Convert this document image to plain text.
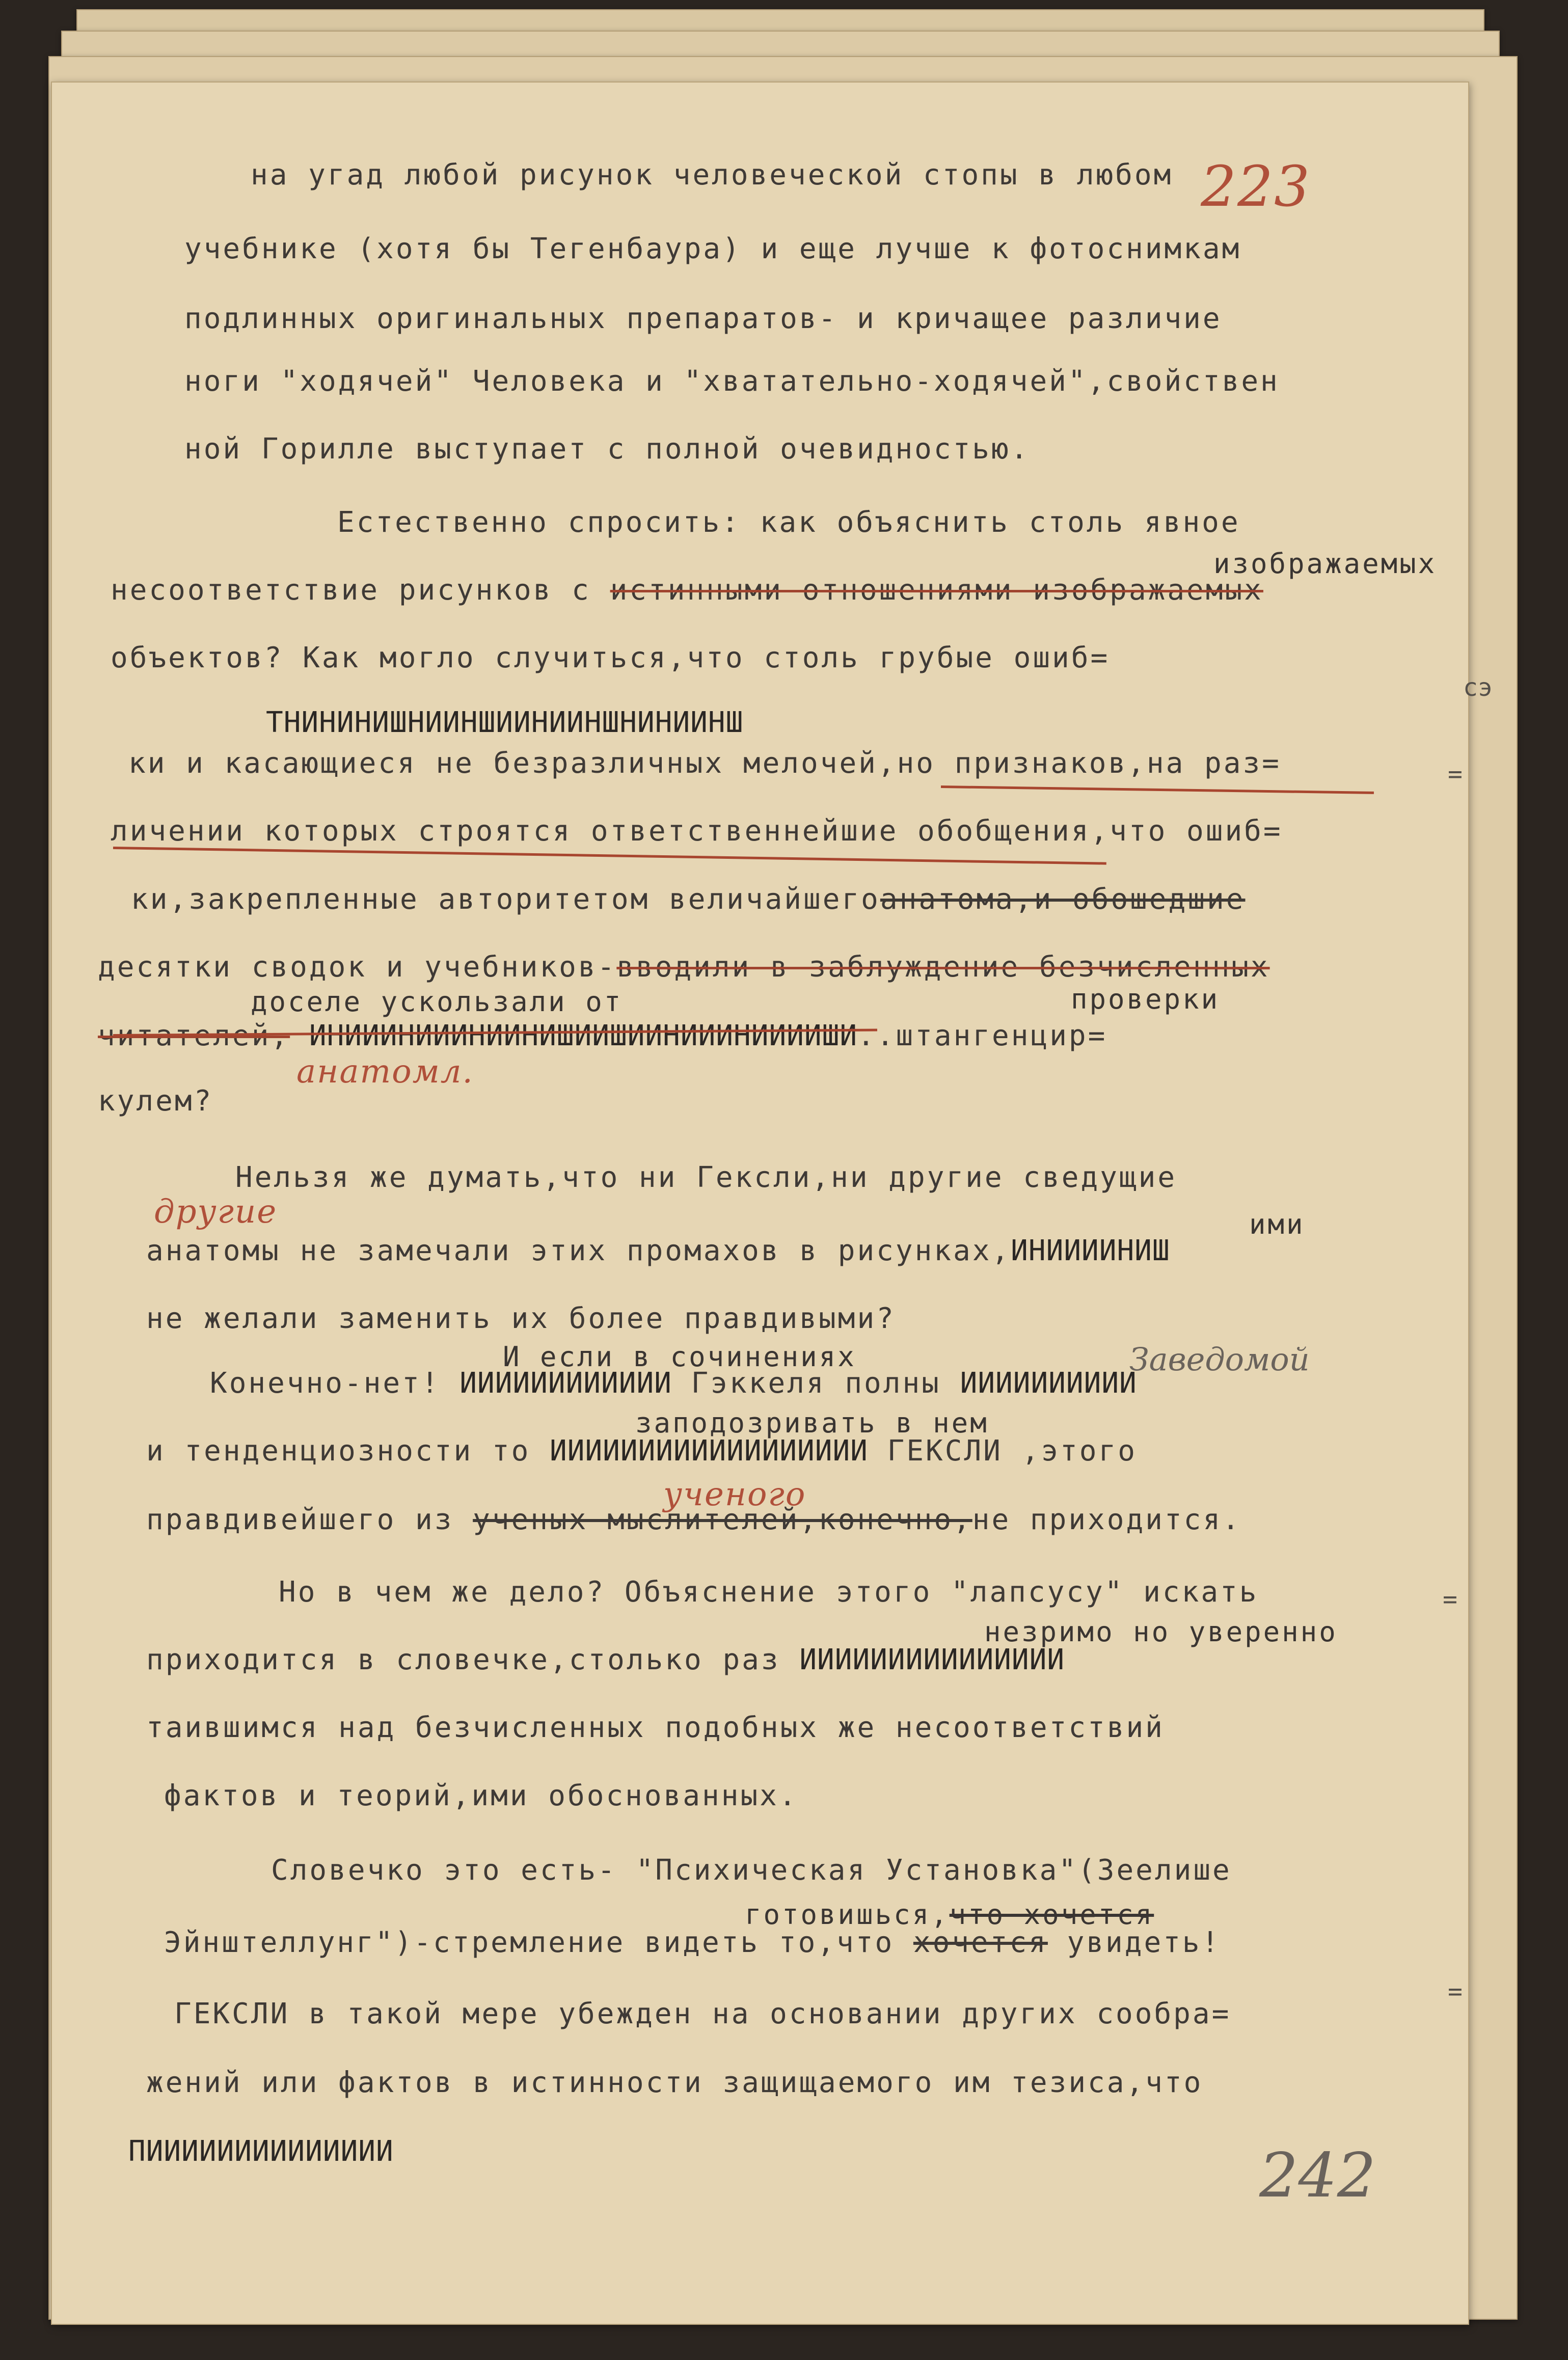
223
242
на угад любой рисунок человеческой стопы в любом
учебнике (хотя бы Тегенбаура) и еще лучше к фотоснимкам
подлинных оригинальных препаратов- и кричащее различие
ноги "ходячей" Человека и "хватательно-ходячей",свойствен
ной Горилле выступает с полной очевидностью.
Естественно спросить: как объяснить столь явное
изображаемых
несоответствие рисунков с истинными отношениями изображаемых
объектов? Как могло случиться,что столь грубые ошиб=
ТНИНИНИШНИИНШИИНИИНШНИНИИНШ
ки и касающиеся не безразличных мелочей,но признаков,на раз=
личении которых строятся ответственнейшие обобщения,что ошиб=
ки,закрепленные авторитетом величайшегоанатома,и обошедшие
десятки сводок и учебников-вводили в заблуждение безчисленных
доселе ускользали от	проверки
читателей, ИНИИИНИИИНИИНИШИИШИИНИИИНИИИИШИ..штангенцир=
кулем?
анатомл.
Нельзя же думать,что ни Гексли,ни другие сведущие
другие	ими
анатомы не замечали этих промахов в рисунках,ИНИИИИНИШ
не желали заменить их более правдивыми?
И если в сочинениях	Заведомой
Конечно-нет! ИИИИИИИИИИИИ Гэккеля полны ИИИИИИИИИИ
заподозривать в нем
и тенденциозности то ИИИИИИИИИИИИИИИИИИ ГЕКСЛИ ,этого
ученого
правдивейшего из ученых мыслителей,конечно,не приходится.
Но в чем же дело? Объяснение этого "лапсусу" искать
незримо но уверенно
приходится в словечке,столько раз ИИИИИИИИИИИИИИИ
таившимся над безчисленных подобных же несоответствий
фактов и теорий,ими обоснованных.
Словечко это есть- "Психическая Установка"(Зеелише
готовишься,что хочется
Эйнштеллунг")-стремление видеть то,что хочется увидеть!
ГЕКСЛИ в такой мере убежден на основании других сообра=
жений или фактов в истинности защищаемого им тезиса,что
ПИИИИИИИИИИИИИИ
сэ
=
=
=
